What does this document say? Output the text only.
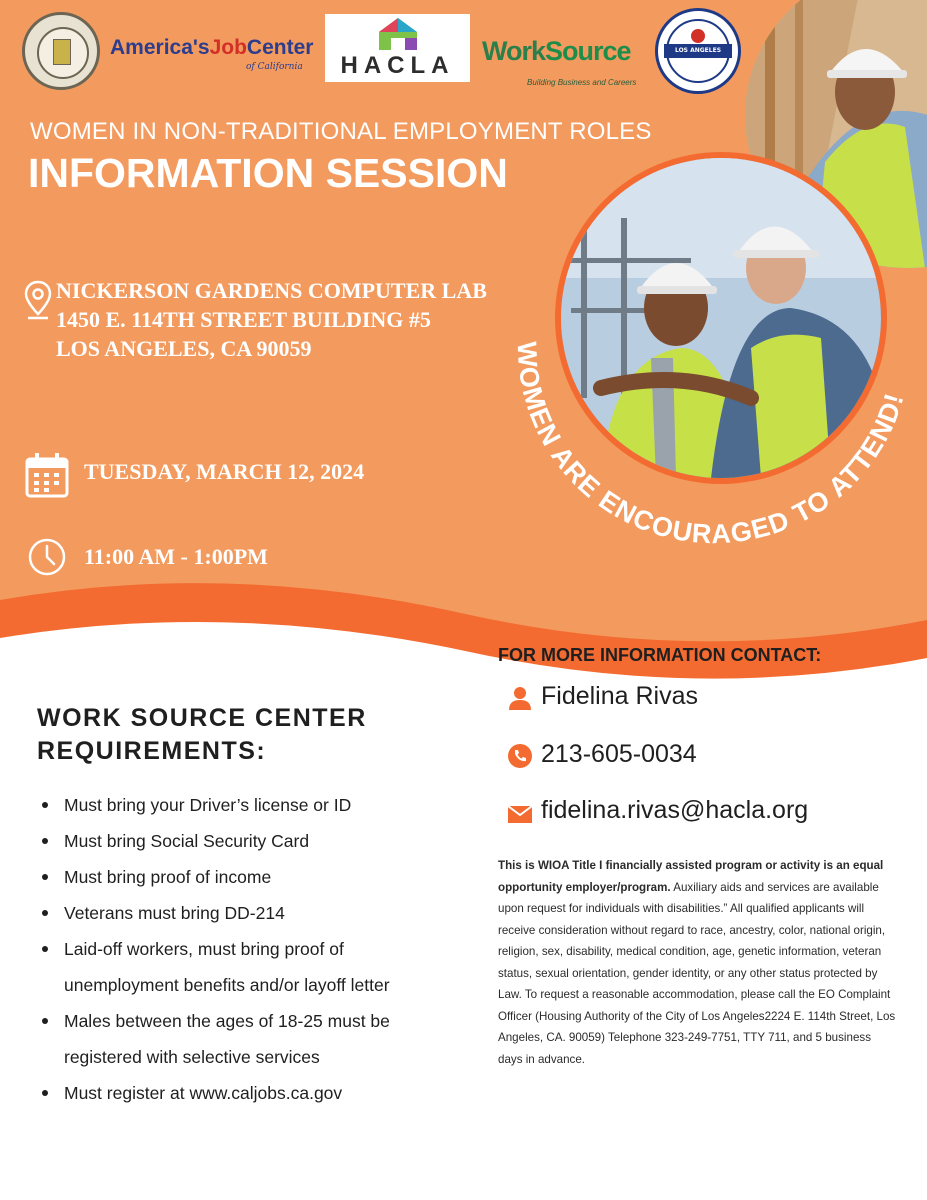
America'sJobCenter
of California	HACLA	WorkSource
Building Business and Careers
LOS ANGELES
WOMEN IN NON-TRADITIONAL EMPLOYMENT ROLES
INFORMATION SESSION
NICKERSON GARDENS COMPUTER LAB
1450 E. 114TH STREET BUILDING #5
LOS ANGELES, CA 90059
TUESDAY, MARCH 12, 2024
11:00 AM - 1:00PM
WOMEN ARE ENCOURAGED TO ATTEND!
FOR MORE INFORMATION CONTACT:
Fidelina Rivas
213-605-0034
fidelina.rivas@hacla.org
WORK SOURCE CENTER
REQUIREMENTS:
Must bring your Driver’s license or ID
Must bring Social Security Card
Must bring proof of income
Veterans must bring DD-214
Laid-off workers, must bring proof of unemployment benefits and/or layoff letter
Males between the ages of 18-25 must be registered with selective services
Must register at www.caljobs.ca.gov
This is WIOA Title I financially assisted program or activity is an equal opportunity employer/program. Auxiliary aids and services are available upon request for individuals with disabilities.” All qualified applicants will receive consideration without regard to race, ancestry, color, national origin, religion, sex, disability, medical condition, age, genetic information, veteran status, sexual orientation, gender identity, or any other status protected by Law. To request a reasonable accommodation, please call the EO Complaint Officer (Housing Authority of the City of Los Angeles2224 E. 114th Street, Los Angeles, CA. 90059) Telephone 323-249-7751, TTY 711, and 5 business days in advance.
